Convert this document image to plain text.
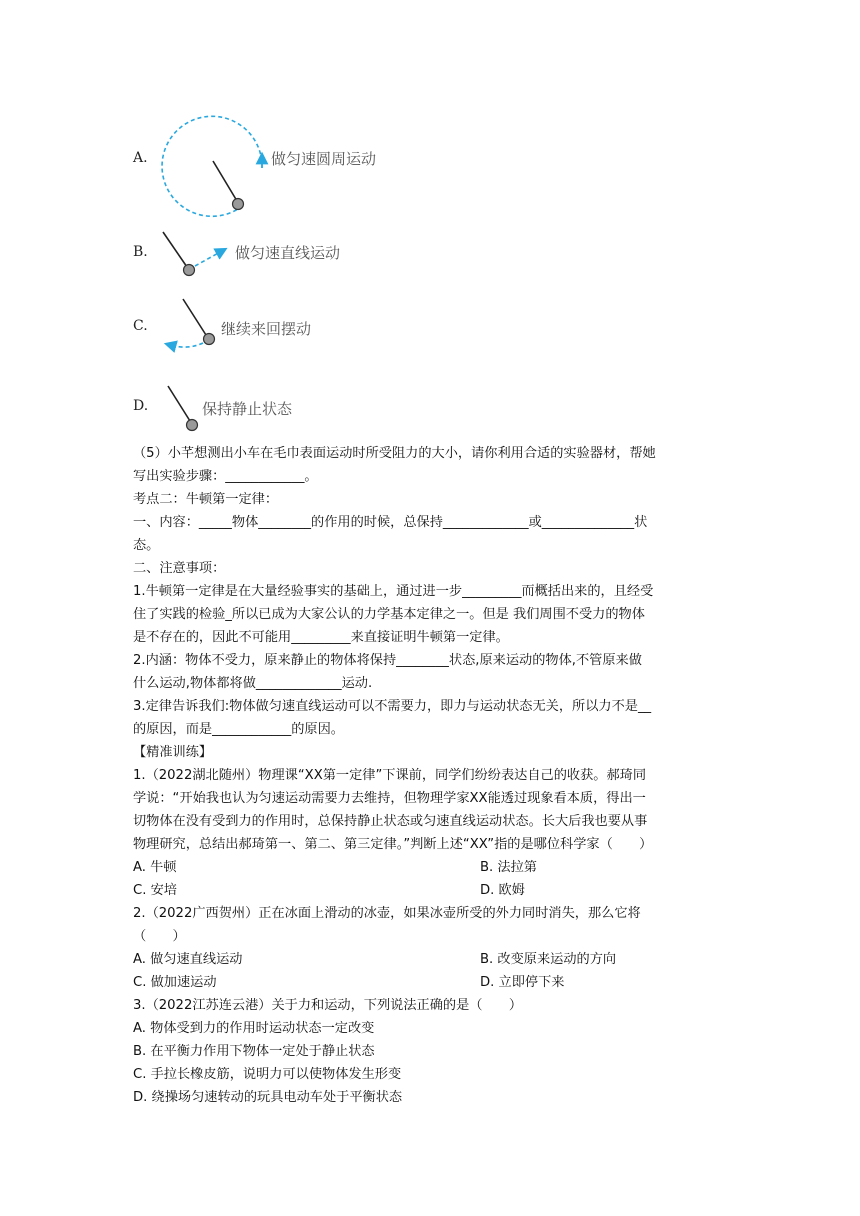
A.	做匀速圆周运动
B.	做匀速直线运动
C.	继续来回摆动
D.	保持静止状态
（5）小芊想测出小车在毛巾表面运动时所受阻力的大小，请你利用合适的实验器材，帮她
写出实验步骤：____________。
考点二：牛顿第一定律：
一、内容：_____物体________的作用的时候，总保持_____________或______________状
态。
二、注意事项：
1.牛顿第一定律是在大量经验事实的基础上，通过进一步_________而概括出来的，且经受
住了实践的检验_所以已成为大家公认的力学基本定律之一。但是 我们周围不受力的物体
是不存在的，因此不可能用_________来直接证明牛顿第一定律。
2.内涵：物体不受力，原来静止的物体将保持________状态,原来运动的物体,不管原来做
什么运动,物体都将做_____________运动.
3.定律告诉我们:物体做匀速直线运动可以不需要力，即力与运动状态无关，所以力不是__
的原因，而是____________的原因。
【精准训练】
1.（2022湖北随州）物理课“XX第一定律”下课前，同学们纷纷表达自己的收获。郝琦同
学说：“开始我也认为匀速运动需要力去维持，但物理学家XX能透过现象看本质，得出一
切物体在没有受到力的作用时，总保持静止状态或匀速直线运动状态。长大后我也要从事
物理研究，总结出郝琦第一、第二、第三定律。”判断上述“XX”指的是哪位科学家（　　）
A. 牛顿	B. 法拉第
C. 安培	D. 欧姆
2.（2022广西贺州）正在冰面上滑动的冰壶，如果冰壶所受的外力同时消失，那么它将
（　　）
A. 做匀速直线运动	B. 改变原来运动的方向
C. 做加速运动	D. 立即停下来
3.（2022江苏连云港）关于力和运动，下列说法正确的是（　　）
A. 物体受到力的作用时运动状态一定改变
B. 在平衡力作用下物体一定处于静止状态
C. 手拉长橡皮筋，说明力可以使物体发生形变
D. 绕操场匀速转动的玩具电动车处于平衡状态
